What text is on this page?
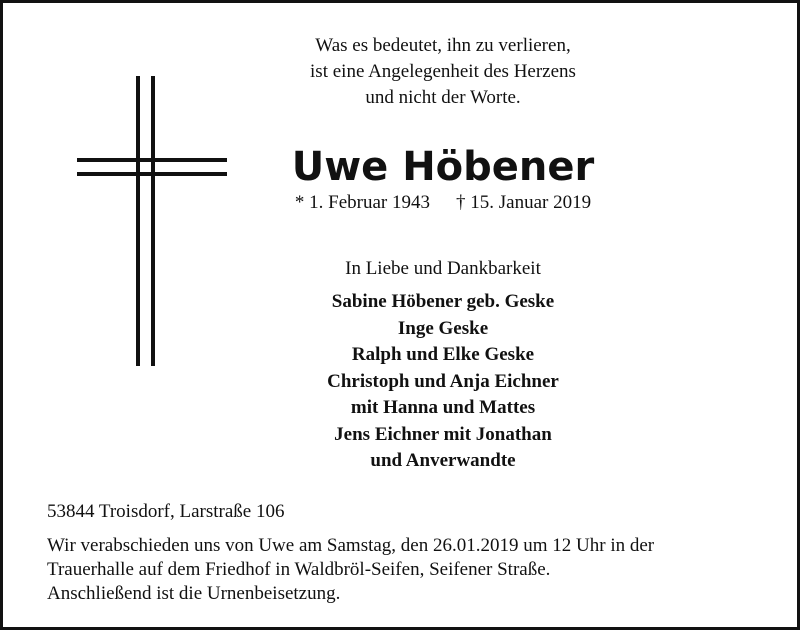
Was es bedeutet, ihn zu verlieren,
ist eine Angelegenheit des Herzens
und nicht der Worte.
Uwe Höbener
* 1. Februar 1943 † 15. Januar 2019
In Liebe und Dankbarkeit
Sabine Höbener geb. Geske
Inge Geske
Ralph und Elke Geske
Christoph und Anja Eichner
mit Hanna und Mattes
Jens Eichner mit Jonathan
und Anverwandte
53844 Troisdorf, Larstraße 106
Wir verabschieden uns von Uwe am Samstag, den 26.01.2019 um 12 Uhr in der
Trauerhalle auf dem Friedhof in Waldbröl-Seifen, Seifener Straße.
Anschließend ist die Urnenbeisetzung.
